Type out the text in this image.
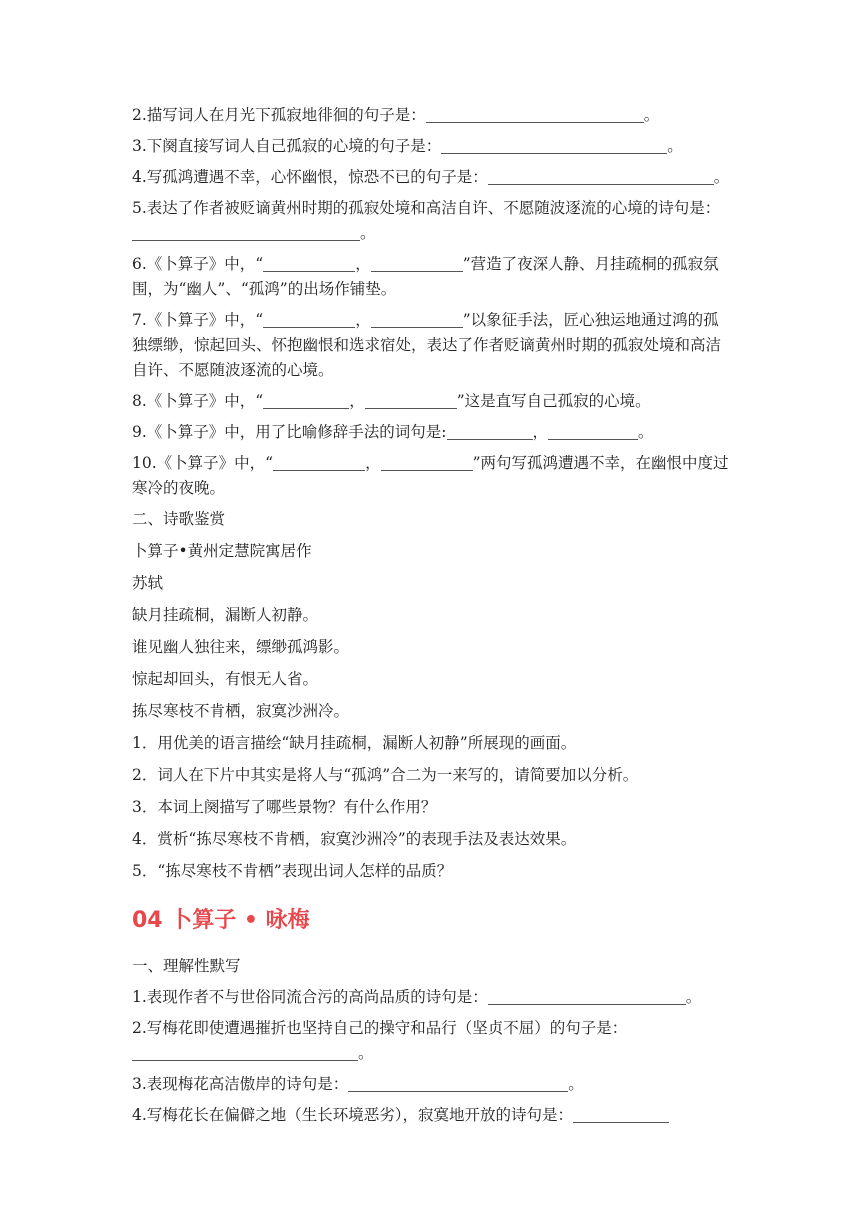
2.描写词人在月光下孤寂地徘徊的句子是：	。

3.下阕直接写词人自己孤寂的心境的句子是：	。

4.写孤鸿遭遇不幸，心怀幽恨，惊恐不已的句子是：	。

5.表达了作者被贬谪黄州时期的孤寂处境和高洁自许、不愿随波逐流的心境的诗句是：。

6.《卜算子》中，“	，	”营造了夜深人静、月挂疏桐的孤寂氛围，为“幽人”、“孤鸿”的出场作铺垫。

7.《卜算子》中，“	，	”以象征手法，匠心独运地通过鸿的孤独缥缈，惊起回头、怀抱幽恨和选求宿处，表达了作者贬谪黄州时期的孤寂处境和高洁自许、不愿随波逐流的心境。

8.《卜算子》中，“	，	”这是直写自己孤寂的心境。

9.《卜算子》中，用了比喻修辞手法的词句是:	，	。

10.《卜算子》中，“	，	”两句写孤鸿遭遇不幸，在幽恨中度过寒冷的夜晚。

二、诗歌鉴赏

卜算子•黄州定慧院寓居作

苏轼

缺月挂疏桐，漏断人初静。

谁见幽人独往来，缥缈孤鸿影。

惊起却回头，有恨无人省。

拣尽寒枝不肯栖，寂寞沙洲冷。

1．用优美的语言描绘“缺月挂疏桐，漏断人初静”所展现的画面。

2．词人在下片中其实是将人与“孤鸿”合二为一来写的，请简要加以分析。

3．本词上阕描写了哪些景物？有什么作用？

4．赏析“拣尽寒枝不肯栖，寂寞沙洲冷”的表现手法及表达效果。

5．“拣尽寒枝不肯栖”表现出词人怎样的品质？

04 卜算子 • 咏梅

一、理解性默写

1.表现作者不与世俗同流合污的高尚品质的诗句是：	。

2.写梅花即使遭遇摧折也坚持自己的操守和品行（坚贞不屈）的句子是：。

3.表现梅花高洁傲岸的诗句是：	。

4.写梅花长在偏僻之地（生长环境恶劣），寂寞地开放的诗句是：
